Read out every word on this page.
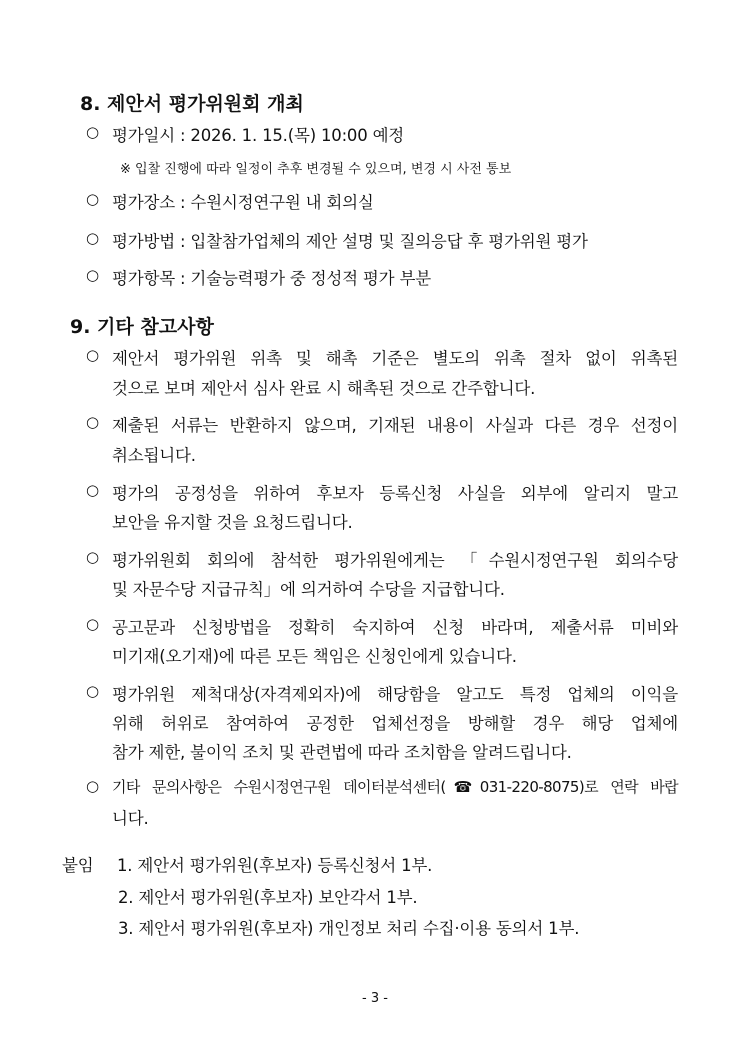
8. 제안서 평가위원회 개최
○ 평가일시 : 2026. 1. 15.(목) 10:00 예정
※ 입찰 진행에 따라 일정이 추후 변경될 수 있으며, 변경 시 사전 통보
○ 평가장소 : 수원시정연구원 내 회의실
○ 평가방법 : 입찰참가업체의 제안 설명 및 질의응답 후 평가위원 평가
○ 평가항목 : 기술능력평가 중 정성적 평가 부분
9. 기타 참고사항
○ 제안서 평가위원 위촉 및 해촉 기준은 별도의 위촉 절차 없이 위촉된
것으로 보며 제안서 심사 완료 시 해촉된 것으로 간주합니다.
○ 제출된 서류는 반환하지 않으며, 기재된 내용이 사실과 다른 경우 선정이
취소됩니다.
○ 평가의 공정성을 위하여 후보자 등록신청 사실을 외부에 알리지 말고
보안을 유지할 것을 요청드립니다.
○ 평가위원회 회의에 참석한 평가위원에게는 「수원시정연구원 회의수당
및 자문수당 지급규칙」에 의거하여 수당을 지급합니다.
○ 공고문과 신청방법을 정확히 숙지하여 신청 바라며, 제출서류 미비와
미기재(오기재)에 따른 모든 책임은 신청인에게 있습니다.
○ 평가위원 제척대상(자격제외자)에 해당함을 알고도 특정 업체의 이익을
위해 허위로 참여하여 공정한 업체선정을 방해할 경우 해당 업체에
참가 제한, 불이익 조치 및 관련법에 따라 조치함을 알려드립니다.
○ 기타 문의사항은 수원시정연구원 데이터분석센터(☎031-220-8075)로 연락 바랍
니다.
붙임 1. 제안서 평가위원(후보자) 등록신청서 1부.
2. 제안서 평가위원(후보자) 보안각서 1부.
3. 제안서 평가위원(후보자) 개인정보 처리 수집·이용 동의서 1부.
- 3 -
